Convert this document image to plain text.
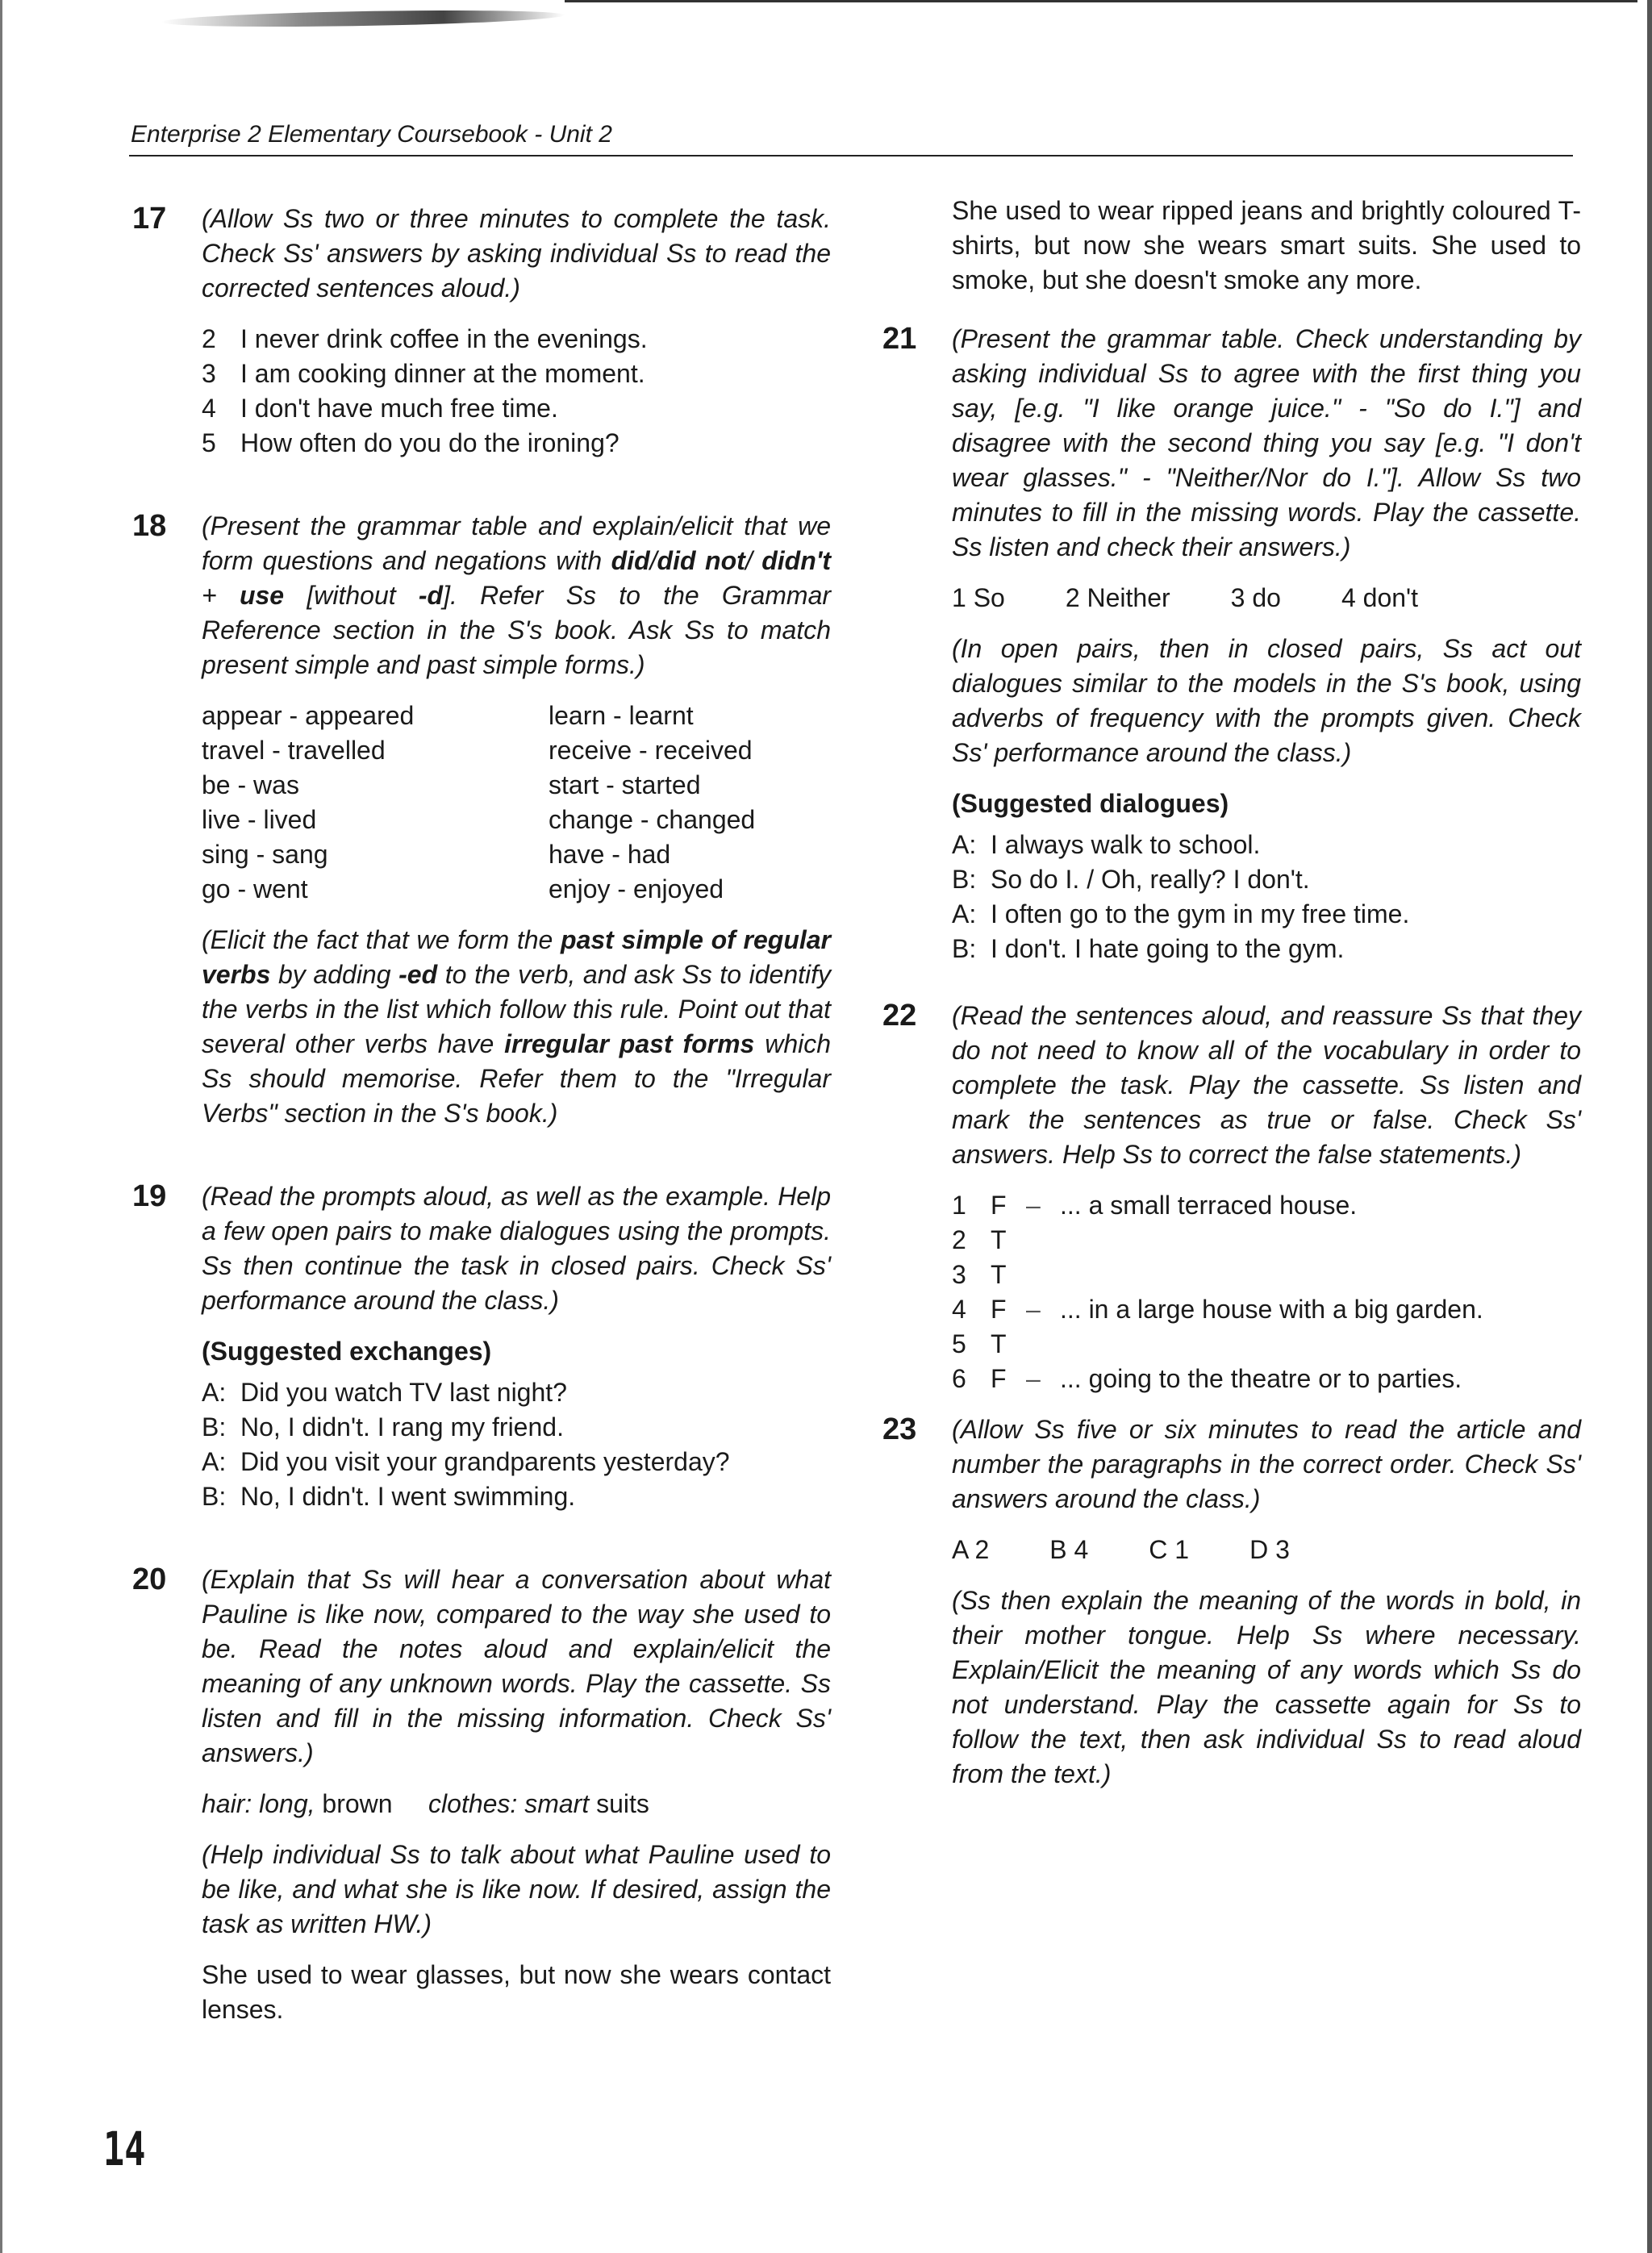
Enterprise 2 Elementary Coursebook - Unit 2
17 (Allow Ss two or three minutes to complete the task. Check Ss' answers by asking individual Ss to read the corrected sentences aloud.)

2 I never drink coffee in the evenings.
3 I am cooking dinner at the moment.
4 I don't have much free time.
5 How often do you do the ironing?
18 (Present the grammar table and explain/elicit that we form questions and negations with did/did not/ didn't + use [without -d]. Refer Ss to the Grammar Reference section in the S's book. Ask Ss to match present simple and past simple forms.)

appear - appeared	learn - learnt
travel - travelled	receive - received
be - was	start - started
live - lived	change - changed
sing - sang	have - had
go - went	enjoy - enjoyed

(Elicit the fact that we form the past simple of regular verbs by adding -ed to the verb, and ask Ss to identify the verbs in the list which follow this rule. Point out that several other verbs have irregular past forms which Ss should memorise. Refer them to the "Irregular Verbs" section in the S's book.)

19 (Read the prompts aloud, as well as the example. Help a few open pairs to make dialogues using the prompts. Ss then continue the task in closed pairs. Check Ss' performance around the class.)

(Suggested exchanges)

A: Did you watch TV last night?
B: No, I didn't. I rang my friend.
A: Did you visit your grandparents yesterday?
B: No, I didn't. I went swimming.
20 (Explain that Ss will hear a conversation about what Pauline is like now, compared to the way she used to be. Read the notes aloud and explain/elicit the meaning of any unknown words. Play the cassette. Ss listen and fill in the missing information. Check Ss' answers.)

hair: long, brown clothes: smart suits

(Help individual Ss to talk about what Pauline used to be like, and what she is like now. If desired, assign the task as written HW.)

She used to wear glasses, but now she wears contact lenses.

She used to wear ripped jeans and brightly coloured T-shirts, but now she wears smart suits. She used to smoke, but she doesn't smoke any more.

21 (Present the grammar table. Check understanding by asking individual Ss to agree with the first thing you say, [e.g. "I like orange juice." - "So do I."] and disagree with the second thing you say [e.g. "I don't wear glasses." - "Neither/Nor do I."]. Allow Ss two minutes to fill in the missing words. Play the cassette. Ss listen and check their answers.)

1 So 2 Neither 3 do 4 don't

(In open pairs, then in closed pairs, Ss act out dialogues similar to the models in the S's book, using adverbs of frequency with the prompts given. Check Ss' performance around the class.)

(Suggested dialogues)

A: I always walk to school.
B: So do I. / Oh, really? I don't.
A: I often go to the gym in my free time.
B: I don't. I hate going to the gym.
22 (Read the sentences aloud, and reassure Ss that they do not need to know all of the vocabulary in order to complete the task. Play the cassette. Ss listen and mark the sentences as true or false. Check Ss' answers. Help Ss to correct the false statements.)

1 F – ... a small terraced house.
2 T
3 T
4 F – ... in a large house with a big garden.
5 T
6 F – ... going to the theatre or to parties.
23 (Allow Ss five or six minutes to read the article and number the paragraphs in the correct order. Check Ss' answers around the class.)

A 2 B 4 C 1 D 3

(Ss then explain the meaning of the words in bold, in their mother tongue. Help Ss where necessary. Explain/Elicit the meaning of any words which Ss do not understand. Play the cassette again for Ss to follow the text, then ask individual Ss to read aloud from the text.)

14
